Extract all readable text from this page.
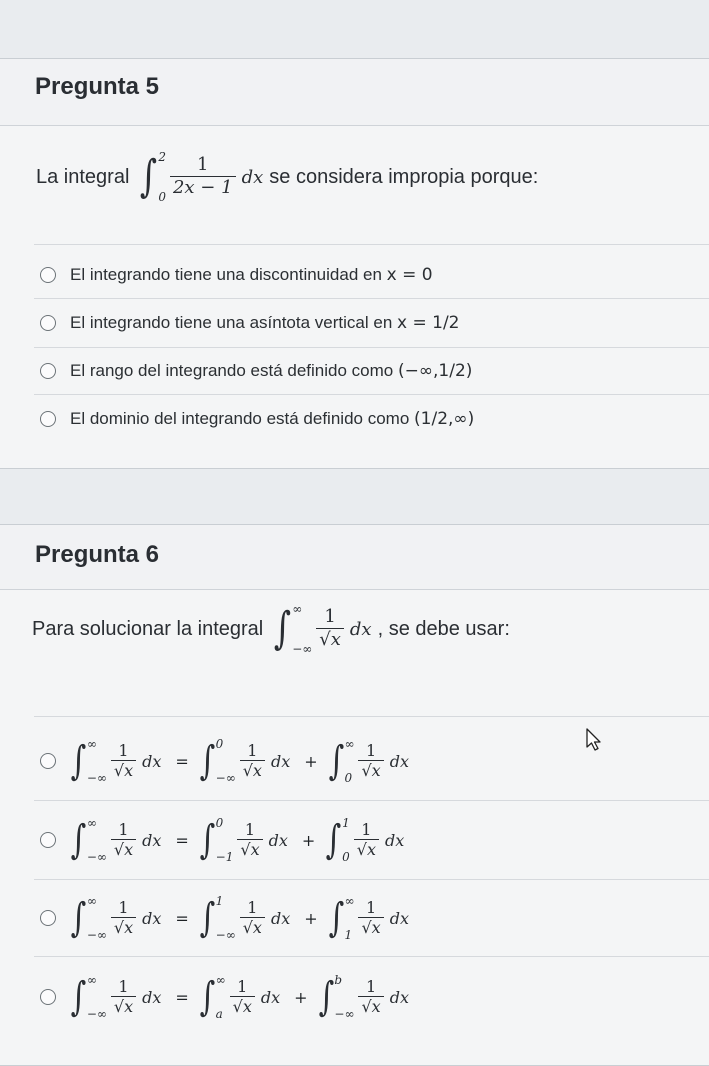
Pregunta 5
La integral ∫ 2
$0 \frac{1}{2x - 1}$ dx se considera impropia porque:
El integrando tiene una discontinuidad en x = 0
El integrando tiene una asíntota vertical en x = 1/2
El rango del integrando está definido como (−∞,1/2)
El dominio del integrando está definido como (1/2,∞)
Pregunta 6
Para solucionar la integral ∫ ∞
−∞ $\frac{1}{√x}$ dx , se debe usar:
∫ ∞
−∞ $\frac{1}{√x}$ dx = ∫ 0
−∞ $\frac{1}{√x}$ dx + ∫ ∞
$0 \frac{1}{√x}$ dx
∫ ∞
−∞ $\frac{1}{√x}$ dx = ∫ 0
$-1 \frac{1}{√x}$ dx + ∫ 1
$0 \frac{1}{√x}$ dx
∫ ∞
−∞ $\frac{1}{√x}$ dx = ∫ 1
−∞ $\frac{1}{√x}$ dx + ∫ ∞
$1 \frac{1}{√x}$ dx
∫ ∞
−∞ $\frac{1}{√x}$ dx = ∫ ∞
a $\frac{1}{√x}$ dx + ∫ b
−∞ $\frac{1}{√x}$ dx
